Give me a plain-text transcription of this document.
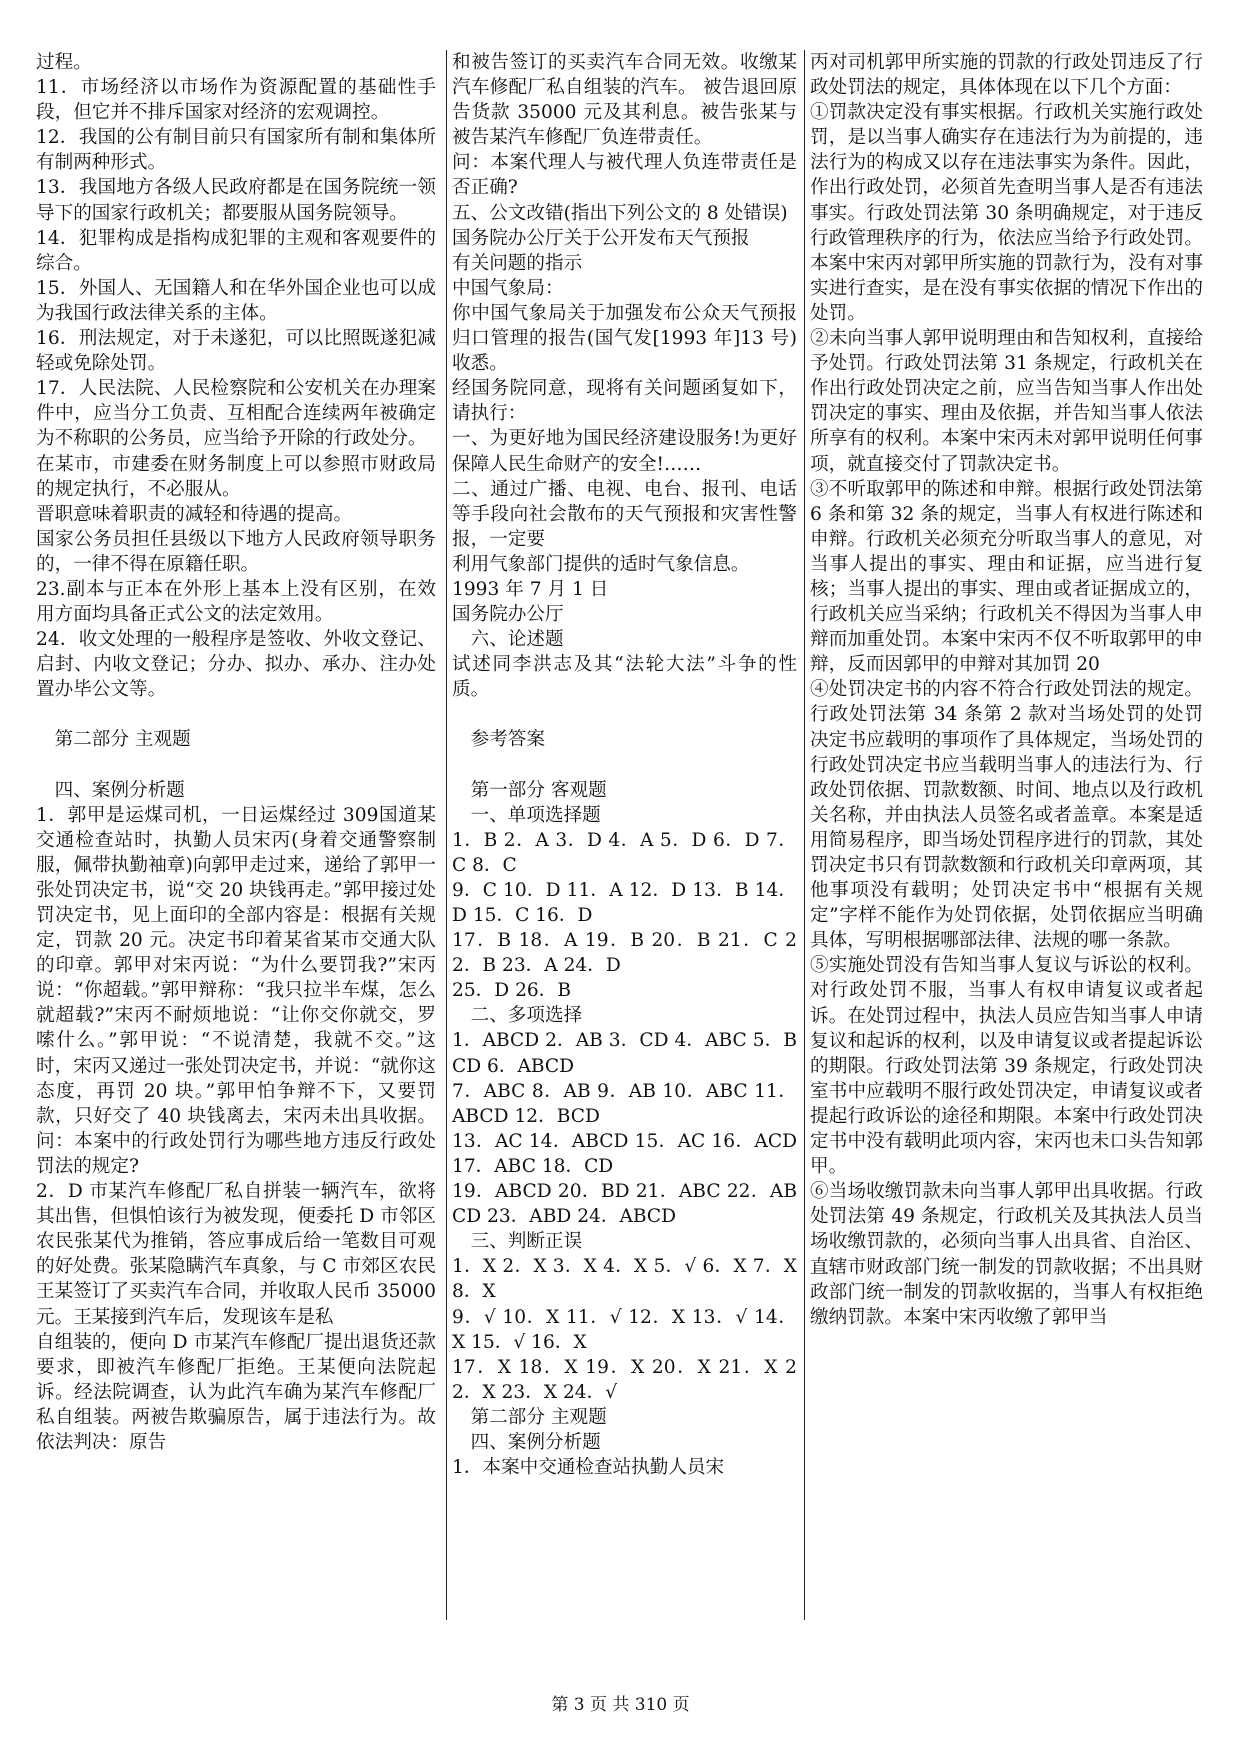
过程。
11．市场经济以市场作为资源配置的基础性手段，但它并不排斥国家对经济的宏观调控。
12．我国的公有制目前只有国家所有制和集体所有制两种形式。
13．我国地方各级人民政府都是在国务院统一领导下的国家行政机关；都要服从国务院领导。
14．犯罪构成是指构成犯罪的主观和客观要件的综合。
15．外国人、无国籍人和在华外国企业也可以成为我国行政法律关系的主体。
16．刑法规定，对于未遂犯，可以比照既遂犯减轻或免除处罚。
17．人民法院、人民检察院和公安机关在办理案件中，应当分工负责、互相配合连续两年被确定为不称职的公务员，应当给予开除的行政处分。
在某市，市建委在财务制度上可以参照市财政局的规定执行，不必服从。
晋职意味着职责的减轻和待遇的提高。
国家公务员担任县级以下地方人民政府领导职务的，一律不得在原籍任职。
23.副本与正本在外形上基本上没有区别，在效用方面均具备正式公文的法定效用。
24．收文处理的一般程序是签收、外收文登记、启封、内收文登记；分办、拟办、承办、注办处置办毕公文等。
　第二部分 主观题
　四、案例分析题
1．郭甲是运煤司机，一日运煤经过 309国道某交通检查站时，执勤人员宋丙(身着交通警察制服，佩带执勤袖章)向郭甲走过来，递给了郭甲一张处罚决定书，说“交 20 块钱再走。”郭甲接过处罚决定书，见上面印的全部内容是：根据有关规定，罚款 20 元。决定书印着某省某市交通大队的印章。郭甲对宋丙说：“为什么要罚我?”宋丙说：“你超载。”郭甲辩称：“我只拉半车煤，怎么就超载?”宋丙不耐烦地说：“让你交你就交，罗嗦什么。”郭甲说：“不说清楚，我就不交。”这时，宋丙又递过一张处罚决定书，并说：“就你这态度，再罚 20 块。”郭甲怕争辩不下，又要罚款，只好交了 40 块钱离去，宋丙未出具收据。问：本案中的行政处罚行为哪些地方违反行政处罚法的规定?
2．D 市某汽车修配厂私自拼装一辆汽车，欲将其出售，但惧怕该行为被发现，便委托 D 市邻区农民张某代为推销，答应事成后给一笔数目可观的好处费。张某隐瞒汽车真象，与 C 市郊区农民王某签订了买卖汽车合同，并收取人民币 35000 元。王某接到汽车后，发现该车是私
自组装的，便向 D 市某汽车修配厂提出退货还款要求，即被汽车修配厂拒绝。王某便向法院起诉。经法院调查，认为此汽车确为某汽车修配厂私自组装。两被告欺骗原告，属于违法行为。故依法判决：原告
和被告签订的买卖汽车合同无效。收缴某汽车修配厂私自组装的汽车。 被告退回原告货款 35000 元及其利息。被告张某与被告某汽车修配厂负连带责任。
问：本案代理人与被代理人负连带责任是否正确?
五、公文改错(指出下列公文的 8 处错误)
国务院办公厅关于公开发布天气预报
有关问题的指示
中国气象局：
你中国气象局关于加强发布公众天气预报归口管理的报告(国气发[1993 年]13 号)收悉。
经国务院同意，现将有关问题函复如下，请执行：
一、为更好地为国民经济建设服务!为更好保障人民生命财产的安全!……
二、通过广播、电视、电台、报刊、电话等手段向社会散布的天气预报和灾害性警报，一定要
利用气象部门提供的适时气象信息。
1993 年 7 月 1 日
国务院办公厅
　六、论述题
试述同李洪志及其“法轮大法”斗争的性质。
　参考答案
　第一部分 客观题
　一、单项选择题
1．B 2．A 3．D 4．A 5．D 6．D 7．C 8．C
9．C 10．D 11．A 12．D 13．B 14．D 15．C 16．D
17．B 18．A 19．B 20．B 21．C 22．B 23．A 24．D
25．D 26．B
　二、多项选择
1．ABCD 2．AB 3．CD 4．ABC 5．BCD 6．ABCD
7．ABC 8．AB 9．AB 10．ABC 11．ABCD 12．BCD
13．AC 14．ABCD 15．AC 16．ACD 17．ABC 18．CD
19．ABCD 20．BD 21．ABC 22．ABCD 23．ABD 24．ABCD
　三、判断正误
1．X 2．X 3．X 4．X 5．√ 6．X 7．X 8．X
9．√ 10．X 11．√ 12．X 13．√ 14．X 15．√ 16．X
17．X 18．X 19．X 20．X 21．X 22．X 23．X 24．√
　第二部分 主观题
　四、案例分析题
1．本案中交通检查站执勤人员宋
丙对司机郭甲所实施的罚款的行政处罚违反了行政处罚法的规定，具体体现在以下几个方面：
①罚款决定没有事实根据。行政机关实施行政处罚，是以当事人确实存在违法行为为前提的，违法行为的构成又以存在违法事实为条件。因此，作出行政处罚，必须首先查明当事人是否有违法事实。行政处罚法第 30 条明确规定，对于违反行政管理秩序的行为，依法应当给予行政处罚。本案中宋丙对郭甲所实施的罚款行为，没有对事实进行查实，是在没有事实依据的情况下作出的处罚。
②未向当事人郭甲说明理由和告知权利，直接给予处罚。行政处罚法第 31 条规定，行政机关在作出行政处罚决定之前，应当告知当事人作出处罚决定的事实、理由及依据，并告知当事人依法所享有的权利。本案中宋丙未对郭甲说明任何事项，就直接交付了罚款决定书。
③不听取郭甲的陈述和申辩。根据行政处罚法第 6 条和第 32 条的规定，当事人有权进行陈述和申辩。行政机关必须充分听取当事人的意见，对当事人提出的事实、理由和证据，应当进行复核；当事人提出的事实、理由或者证据成立的，行政机关应当采纳；行政机关不得因为当事人申辩而加重处罚。本案中宋丙不仅不听取郭甲的申辩，反而因郭甲的申辩对其加罚 20
④处罚决定书的内容不符合行政处罚法的规定。行政处罚法第 34 条第 2 款对当场处罚的处罚决定书应载明的事项作了具体规定，当场处罚的行政处罚决定书应当载明当事人的违法行为、行政处罚依据、罚款数额、时间、地点以及行政机关名称，并由执法人员签名或者盖章。本案是适用简易程序，即当场处罚程序进行的罚款，其处罚决定书只有罚款数额和行政机关印章两项，其他事项没有载明；处罚决定书中“根据有关规定”字样不能作为处罚依据，处罚依据应当明确具体，写明根据哪部法律、法规的哪一条款。
⑤实施处罚没有告知当事人复议与诉讼的权利。对行政处罚不服，当事人有权申请复议或者起诉。在处罚过程中，执法人员应告知当事人申请复议和起诉的权利，以及申请复议或者提起诉讼的期限。行政处罚法第 39 条规定，行政处罚决室书中应载明不服行政处罚决定，申请复议或者提起行政诉讼的途径和期限。本案中行政处罚决定书中没有载明此项内容，宋丙也未口头告知郭甲。
⑥当场收缴罚款未向当事人郭甲出具收据。行政处罚法第 49 条规定，行政机关及其执法人员当场收缴罚款的，必须向当事人出具省、自治区、直辖市财政部门统一制发的罚款收据；不出具财政部门统一制发的罚款收据的，当事人有权拒绝缴纳罚款。本案中宋丙收缴了郭甲当
第 3 页 共 310 页
